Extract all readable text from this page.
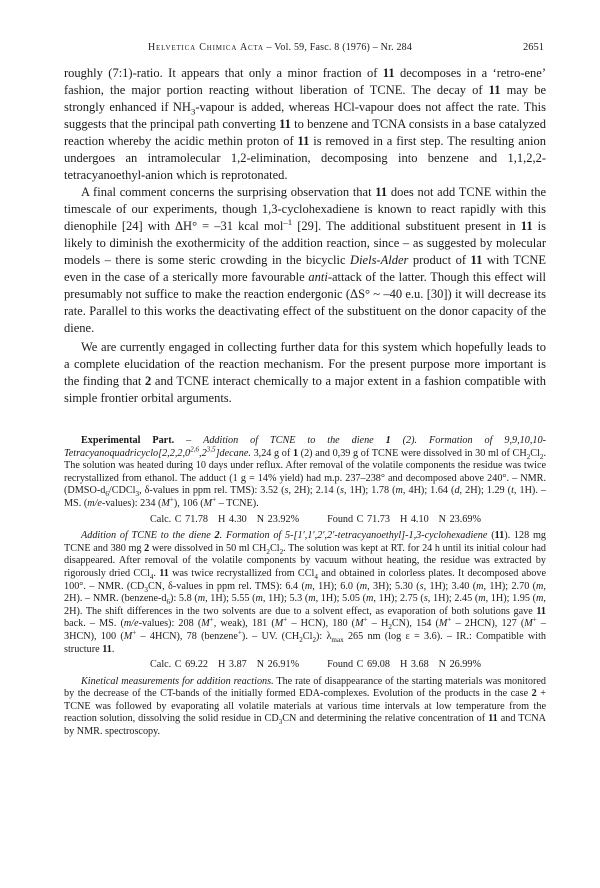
Helvetica Chimica Acta – Vol. 59, Fasc. 8 (1976) – Nr. 284	2651

roughly (7:1)-ratio. It appears that only a minor fraction of 11 decomposes in a ‘retro-ene’ fashion, the major portion reacting without liberation of TCNE. The decay of 11 may be strongly enhanced if $NH_3$-vapour is added, whereas HCl-vapour does not affect the rate. This suggests that the principal path converting 11 to benzene and TCNA consists in a base catalyzed reaction whereby the acidic methin proton of 11 is removed in a first step. The resulting anion undergoes an intramolecular 1,2-elimination, decomposing into benzene and 1,1,2,2-tetracyanoethyl-anion which is reprotonated.

A final comment concerns the surprising observation that 11 does not add TCNE within the timescale of our experiments, though 1,3-cyclohexadiene is known to react rapidly with this dienophile [24] with ΔH° = –31 kcal mol$^{-1}$ [29]. The additional substituent present in 11 is likely to diminish the exothermicity of the addition reaction, since – as suggested by molecular models – there is some steric crowding in the bicyclic Diels-Alder product of 11 with TCNE even in the case of a sterically more favourable anti-attack of the latter. Though this effect will presumably not suffice to make the reaction endergonic (ΔS° ~ –40 e.u. [30]) it will decrease its rate. Parallel to this works the deactivating effect of the substituent on the donor capacity of the diene.

We are currently engaged in collecting further data for this system which hopefully leads to a complete elucidation of the reaction mechanism. For the present purpose more important is the finding that 2 and TCNE interact chemically to a major extent in a fashion compatible with simple frontier orbital arguments.

Experimental Part. – Addition of TCNE to the diene 1 (2). Formation of 9,9,10,10-Tetracyanoquadricyclo[2,2,2,0$^{2,6}$,2$^{3,5}$]decane. 3,24 g of 1 (2) and 0,39 g of TCNE were dissolved in 30 ml of $CH_2Cl_2$. The solution was heated during 10 days under reflux. After removal of the volatile components the residue was twice recrystallized from ethanol. The adduct (1 g = 14% yield) had m.p. 237–238° and decomposed above 240°. – NMR. ($DMSO-d_6/CDCl_3$, δ-values in ppm rel. TMS): 3.52 (s, 2H); 2.14 (s, 1H); 1.78 (m, 4H); 1.64 (d, 2H); 1.29 (t, 1H). – MS. (m/e-values): 234 (M+), 106 (M+ – TCNE).

Calc. C 71.78 H 4.30 N 23.92%	Found C 71.73 H 4.10 N 23.69%

Addition of TCNE to the diene 2. Formation of 5-[1′,1′,2′,2′-tetracyanoethyl]-1,3-cyclohexadiene (11). 128 mg TCNE and 380 mg 2 were dissolved in 50 ml $CH_2Cl_2$. The solution was kept at RT. for 24 h until its initial colour had disappeared. After removal of the volatile components by vacuum without heating, the residue was extracted by rigorously dried CCl$_4$. 11 was twice recrystallized from CCl$_4$ and obtained in colorless plates. It decomposed above 100°. – NMR. ($CD_3CN$, δ-values in ppm rel. TMS): 6.4 (m, 1H); 6.0 (m, 3H); 5.30 (s, 1H); 3.40 (m, 1H); 2.70 (m, 2H). – NMR. $(benzene-d_6)$: 5.8 (m, 1H); 5.55 (m, 1H); 5.3 (m, 1H); 5.05 (m, 1H); 2.75 (s, 1H); 2.45 (m, 1H); 1.95 (m, 2H). The shift differences in the two solvents are due to a solvent effect, as evaporation of both solutions gave 11 back. – MS. (m/e-values): 208 (M+, weak), 181 (M+ – HCN), 180 $(M^+ - H_2CN)$, 154 (M+ – 2HCN), 127 (M+ – 3HCN), 100 (M+ – 4HCN), 78 (benzene+). – UV. $(CH_2Cl_2)$: $\lambda_{max}$ 265 nm (log ε = 3.6). – IR.: Compatible with structure 11.

Calc. C 69.22 H 3.87 N 26.91%	Found C 69.08 H 3.68 N 26.99%

Kinetical measurements for addition reactions. The rate of disappearance of the starting materials was monitored by the decrease of the CT-bands of the initially formed EDA-complexes. Evolution of the products in the case 2 + TCNE was followed by evaporating all volatile materials at various time intervals at low temperature from the reaction solution, dissolving the solid residue in $CD_3CN$ and determining the relative concentration of 11 and TCNA by NMR. spectroscopy.
